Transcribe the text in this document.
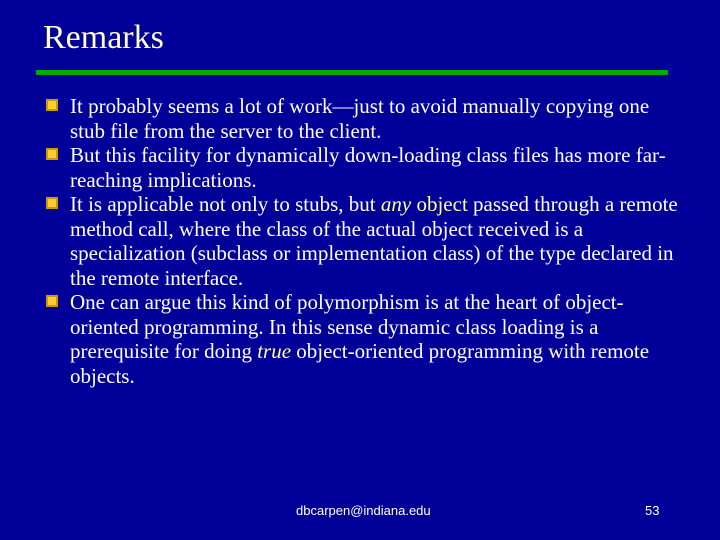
Remarks
It probably seems a lot of work—just to avoid manually copying one stub file from the server to the client.
But this facility for dynamically down-loading class files has more far-reaching implications.
It is applicable not only to stubs, but any object passed through a remote method call, where the class of the actual object received is a specialization (subclass or implementation class) of the type declared in the remote interface.
One can argue this kind of polymorphism is at the heart of object-oriented programming. In this sense dynamic class loading is a prerequisite for doing true object-oriented programming with remote objects.
dbcarpen@indiana.edu	53
